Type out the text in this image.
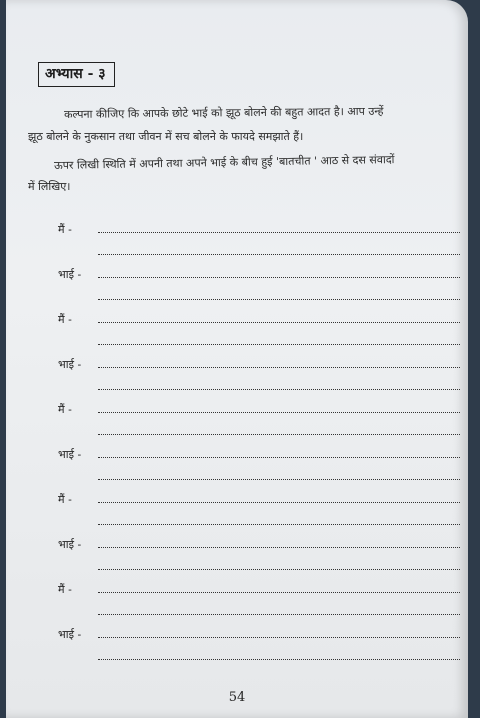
अभ्यास - ३
कल्पना कीजिए कि आपके छोटे भाई को झूठ बोलने की बहुत आदत है। आप उन्हें
झूठ बोलने के नुकसान तथा जीवन में सच बोलने के फायदे समझाते हैं।
ऊपर लिखी स्थिति में अपनी तथा अपने भाई के बीच हुई 'बातचीत ' आठ से दस संवादों
में लिखिए।
मैं -
भाई -
मैं -
भाई -
मैं -
भाई -
मैं -
भाई -
मैं -
भाई -
54
